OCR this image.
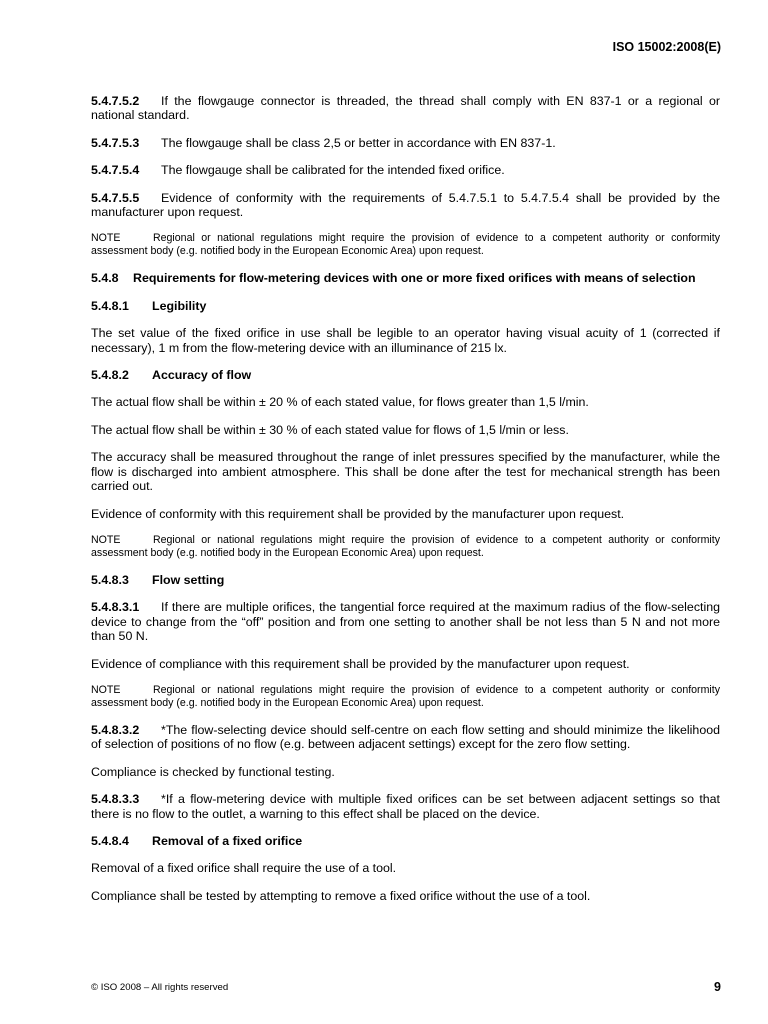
ISO 15002:2008(E)

5.4.7.5.2 If the flowgauge connector is threaded, the thread shall comply with EN 837-1 or a regional or national standard.

5.4.7.5.3 The flowgauge shall be class 2,5 or better in accordance with EN 837-1.

5.4.7.5.4 The flowgauge shall be calibrated for the intended fixed orifice.

5.4.7.5.5 Evidence of conformity with the requirements of 5.4.7.5.1 to 5.4.7.5.4 shall be provided by the manufacturer upon request.

NOTE	Regional or national regulations might require the provision of evidence to a competent authority or conformity assessment body (e.g. notified body in the European Economic Area) upon request.

5.4.8 Requirements for flow-metering devices with one or more fixed orifices with means of selection

5.4.8.1 Legibility

The set value of the fixed orifice in use shall be legible to an operator having visual acuity of 1 (corrected if necessary), 1 m from the flow-metering device with an illuminance of 215 lx.

5.4.8.2 Accuracy of flow

The actual flow shall be within ± 20 % of each stated value, for flows greater than 1,5 l/min.

The actual flow shall be within ± 30 % of each stated value for flows of 1,5 l/min or less.

The accuracy shall be measured throughout the range of inlet pressures specified by the manufacturer, while the flow is discharged into ambient atmosphere. This shall be done after the test for mechanical strength has been carried out.

Evidence of conformity with this requirement shall be provided by the manufacturer upon request.

NOTE	Regional or national regulations might require the provision of evidence to a competent authority or conformity assessment body (e.g. notified body in the European Economic Area) upon request.

5.4.8.3 Flow setting

5.4.8.3.1 If there are multiple orifices, the tangential force required at the maximum radius of the flow-selecting device to change from the “off” position and from one setting to another shall be not less than 5 N and not more than 50 N.

Evidence of compliance with this requirement shall be provided by the manufacturer upon request.

NOTE	Regional or national regulations might require the provision of evidence to a competent authority or conformity assessment body (e.g. notified body in the European Economic Area) upon request.

5.4.8.3.2 *The flow-selecting device should self-centre on each flow setting and should minimize the likelihood of selection of positions of no flow (e.g. between adjacent settings) except for the zero flow setting.

Compliance is checked by functional testing.

5.4.8.3.3 *If a flow-metering device with multiple fixed orifices can be set between adjacent settings so that there is no flow to the outlet, a warning to this effect shall be placed on the device.

5.4.8.4 Removal of a fixed orifice

Removal of a fixed orifice shall require the use of a tool.

Compliance shall be tested by attempting to remove a fixed orifice without the use of a tool.

© ISO 2008 – All rights reserved	9
